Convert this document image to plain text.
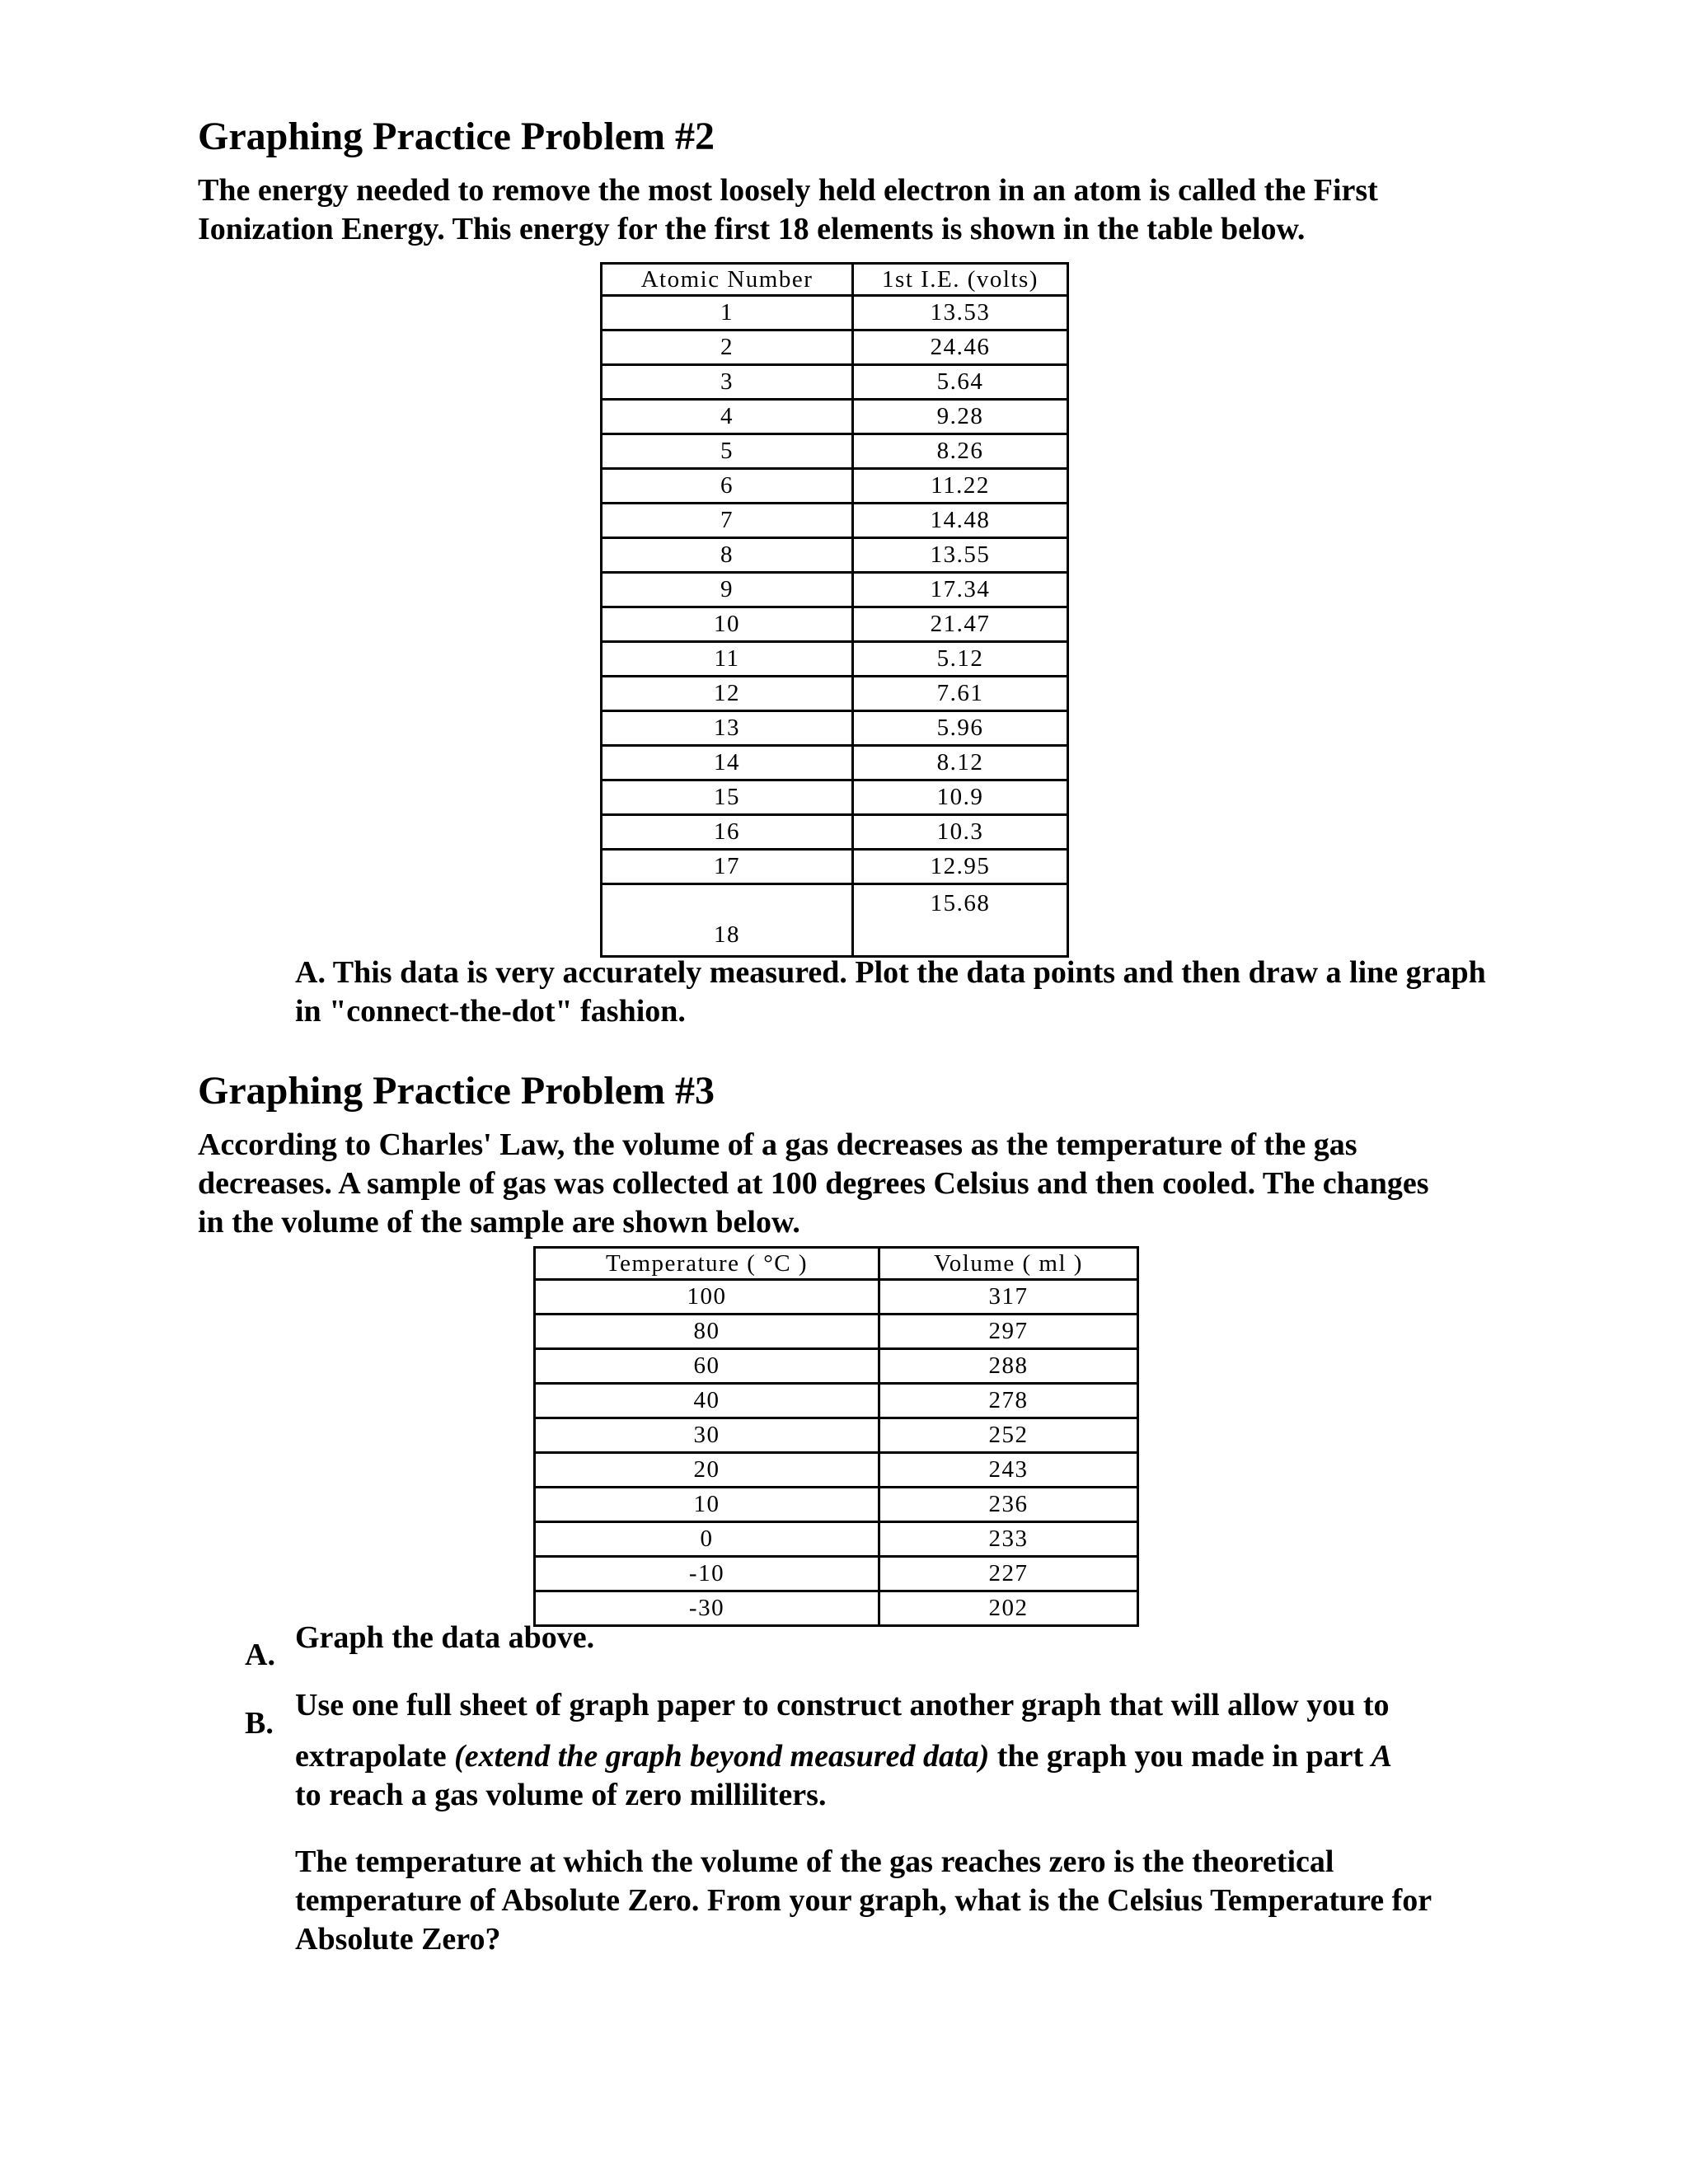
Graphing Practice Problem #2

The energy needed to remove the most loosely held electron in an atom is called the First Ionization Energy. This energy for the first 18 elements is shown in the table below.

Atomic Number	1st I.E. (volts)
1	13.53
2	24.46
3	5.64
4	9.28
5	8.26
6	11.22
7	14.48
8	13.55
9	17.34
10	21.47
11	5.12
12	7.61
13	5.96
14	8.12
15	10.9
16	10.3
17	12.95
18	15.68

A. This data is very accurately measured. Plot the data points and then draw a line graph in "connect-the-dot" fashion.

Graphing Practice Problem #3

According to Charles' Law, the volume of a gas decreases as the temperature of the gas decreases. A sample of gas was collected at 100 degrees Celsius and then cooled. The changes in the volume of the sample are shown below.

Temperature ( °C )	Volume ( ml )
100	317
80	297
60	288
40	278
30	252
20	243
10	236
0	233
-10	227
-30	202
A. Graph the data above.

B.

Use one full sheet of graph paper to construct another graph that will allow you to

extrapolate (extend the graph beyond measured data) the graph you made in part A
to reach a gas volume of zero milliliters.

The temperature at which the volume of the gas reaches zero is the theoretical temperature of Absolute Zero. From your graph, what is the Celsius Temperature for Absolute Zero?
